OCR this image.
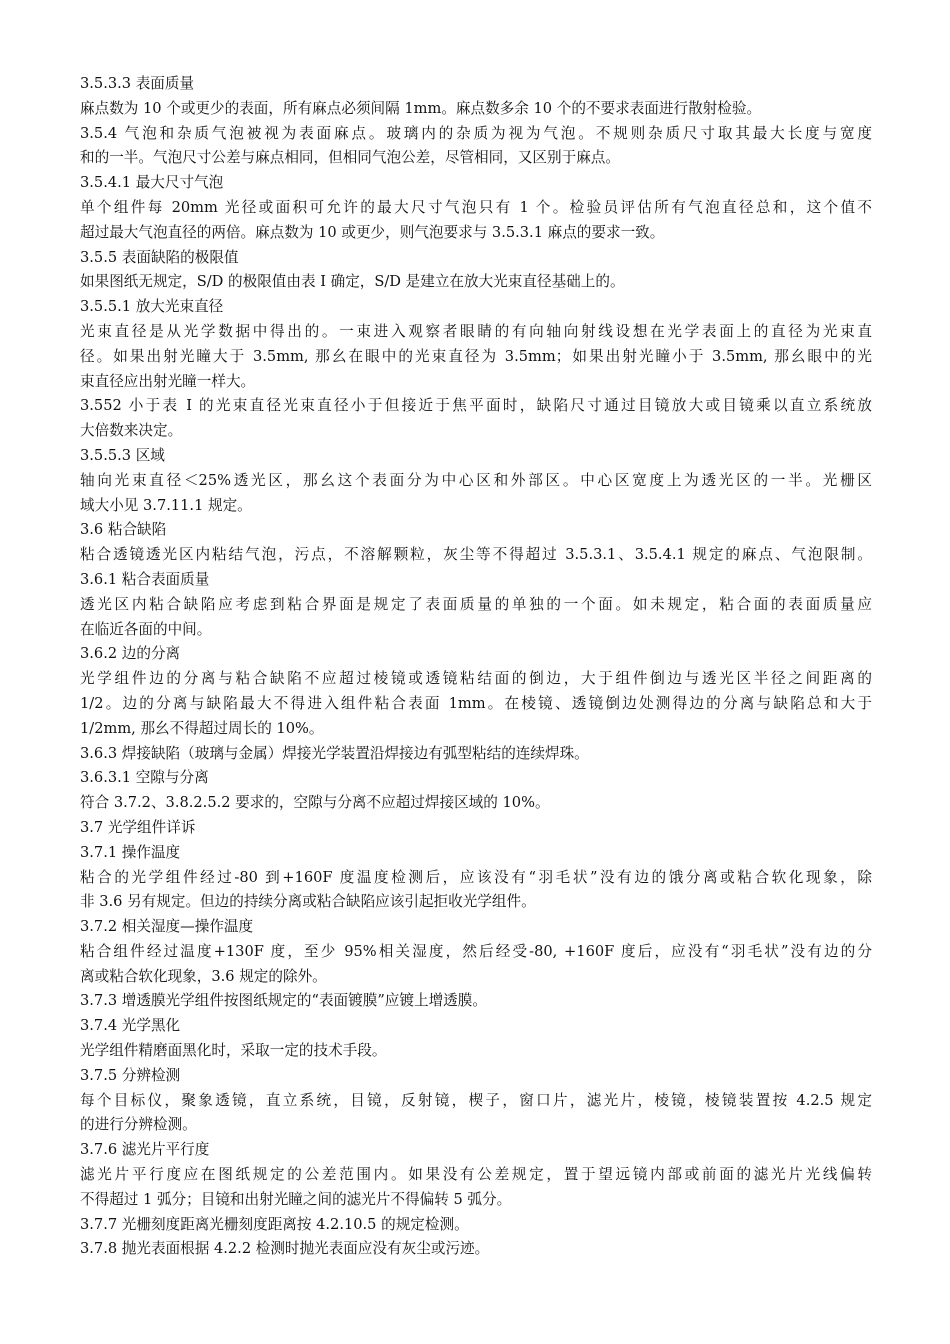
3.5.3.3 表面质量
麻点数为 10 个或更少的表面，所有麻点必须间隔 1mm。麻点数多余 10 个的不要求表面进行散射检验。
3.5.4 气泡和杂质气泡被视为表面麻点。玻璃内的杂质为视为气泡。不规则杂质尺寸取其最大长度与宽度
和的一半。气泡尺寸公差与麻点相同，但相同气泡公差，尽管相同，又区别于麻点。
3.5.4.1 最大尺寸气泡
单个组件每 20mm 光径或面积可允许的最大尺寸气泡只有 1 个。检验员评估所有气泡直径总和，这个值不
超过最大气泡直径的两倍。麻点数为 10 或更少，则气泡要求与 3.5.3.1 麻点的要求一致。
3.5.5 表面缺陷的极限值
如果图纸无规定，S/D 的极限值由表 I 确定，S/D 是建立在放大光束直径基础上的。
3.5.5.1 放大光束直径
光束直径是从光学数据中得出的。一束进入观察者眼睛的有向轴向射线设想在光学表面上的直径为光束直
径。如果出射光瞳大于 3.5mm, 那幺在眼中的光束直径为 3.5mm；如果出射光瞳小于 3.5mm, 那幺眼中的光
束直径应出射光瞳一样大。
3.552 小于表 I 的光束直径光束直径小于但接近于焦平面时，缺陷尺寸通过目镜放大或目镜乘以直立系统放
大倍数来决定。
3.5.5.3 区域
轴向光束直径＜25%透光区，那幺这个表面分为中心区和外部区。中心区宽度上为透光区的一半。光栅区
域大小见 3.7.11.1 规定。
3.6 粘合缺陷
粘合透镜透光区内粘结气泡，污点，不溶解颗粒，灰尘等不得超过 3.5.3.1、3.5.4.1 规定的麻点、气泡限制。
3.6.1 粘合表面质量
透光区内粘合缺陷应考虑到粘合界面是规定了表面质量的单独的一个面。如未规定，粘合面的表面质量应
在临近各面的中间。
3.6.2 边的分离
光学组件边的分离与粘合缺陷不应超过棱镜或透镜粘结面的倒边，大于组件倒边与透光区半径之间距离的
1/2。边的分离与缺陷最大不得进入组件粘合表面 1mm。在棱镜、透镜倒边处测得边的分离与缺陷总和大于
1/2mm, 那幺不得超过周长的 10%。
3.6.3 焊接缺陷（玻璃与金属）焊接光学装置沿焊接边有弧型粘结的连续焊珠。
3.6.3.1 空隙与分离
符合 3.7.2、3.8.2.5.2 要求的，空隙与分离不应超过焊接区域的 10%。
3.7 光学组件详诉
3.7.1 操作温度
粘合的光学组件经过-80 到+160F 度温度检测后，应该没有“羽毛状”没有边的饿分离或粘合软化现象，除
非 3.6 另有规定。但边的持续分离或粘合缺陷应该引起拒收光学组件。
3.7.2 相关湿度—操作温度
粘合组件经过温度+130F 度，至少 95%相关湿度，然后经受-80, +160F 度后，应没有“羽毛状”没有边的分
离或粘合软化现象，3.6 规定的除外。
3.7.3 增透膜光学组件按图纸规定的“表面镀膜”应镀上增透膜。
3.7.4 光学黑化
光学组件精磨面黑化时，采取一定的技术手段。
3.7.5 分辨检测
每个目标仪，聚象透镜，直立系统，目镜，反射镜，楔子，窗口片，滤光片，棱镜，棱镜装置按 4.2.5 规定
的进行分辨检测。
3.7.6 滤光片平行度
滤光片平行度应在图纸规定的公差范围内。如果没有公差规定，置于望远镜内部或前面的滤光片光线偏转
不得超过 1 弧分；目镜和出射光瞳之间的滤光片不得偏转 5 弧分。
3.7.7 光栅刻度距离光栅刻度距离按 4.2.10.5 的规定检测。
3.7.8 抛光表面根据 4.2.2 检测时抛光表面应没有灰尘或污迹。
